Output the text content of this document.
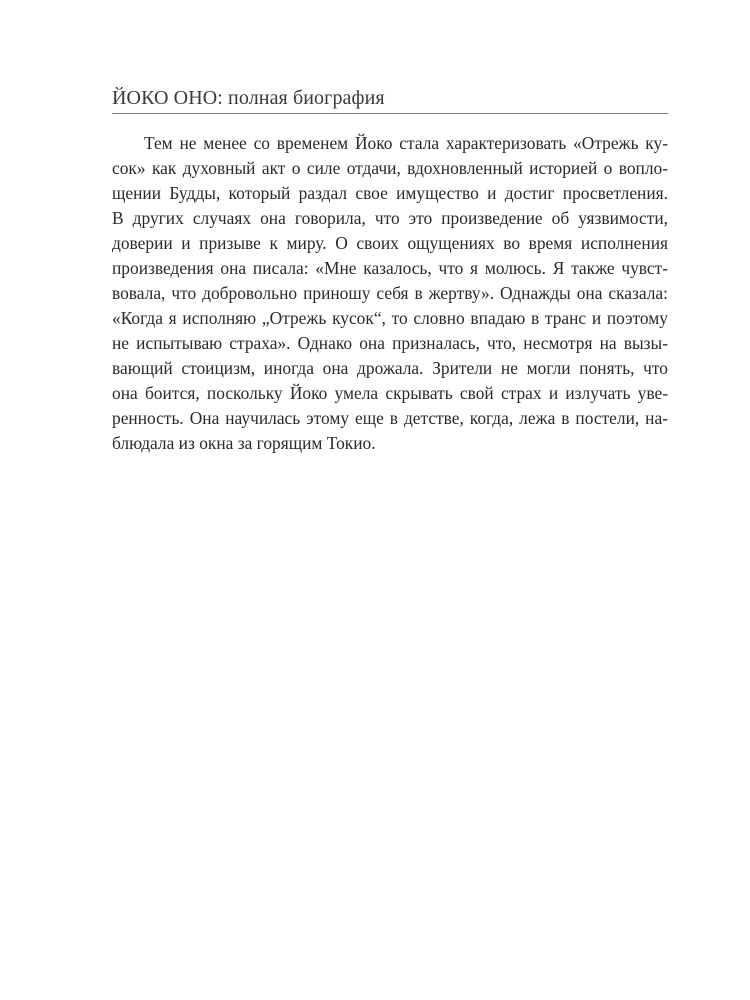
ЙОКО ОНО: полная биография
Тем не менее со временем Йоко стала характеризовать «Отрежь ку-
сок» как духовный акт о силе отдачи, вдохновленный историей о вопло-
щении Будды, который раздал свое имущество и достиг просветления.
В других случаях она говорила, что это произведение об уязвимости,
доверии и призыве к миру. О своих ощущениях во время исполнения
произведения она писала: «Мне казалось, что я молюсь. Я также чувст-
вовала, что добровольно приношу себя в жертву». Однажды она сказала:
«Когда я исполняю „Отрежь кусок“, то словно впадаю в транс и поэтому
не испытываю страха». Однако она призналась, что, несмотря на вызы-
вающий стоицизм, иногда она дрожала. Зрители не могли понять, что
она боится, поскольку Йоко умела скрывать свой страх и излучать уве-
ренность. Она научилась этому еще в детстве, когда, лежа в постели, на-
блюдала из окна за горящим Токио.
